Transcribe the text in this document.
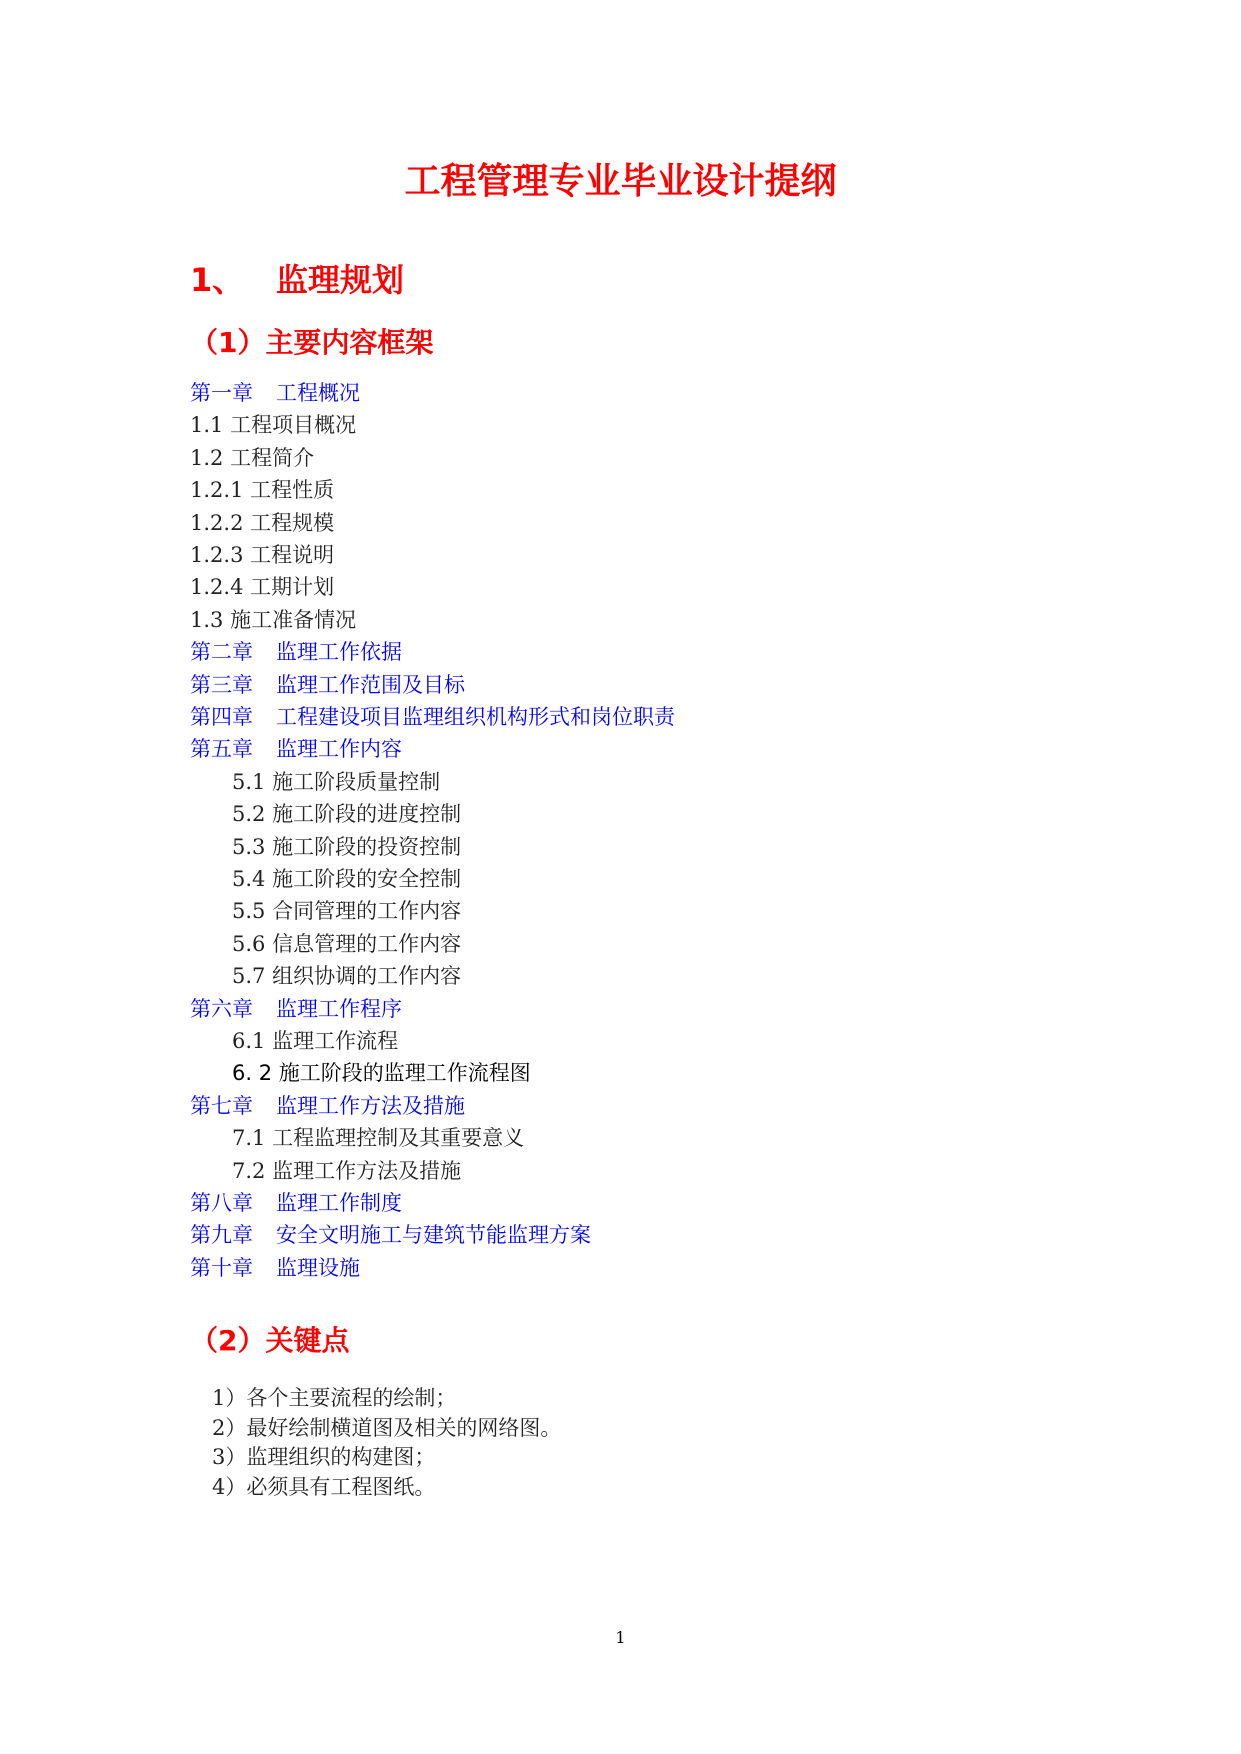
工程管理专业毕业设计提纲
1、 监理规划
（1）主要内容框架
第一章 工程概况
1.1 工程项目概况
1.2 工程简介
1.2.1 工程性质
1.2.2 工程规模
1.2.3 工程说明
1.2.4 工期计划
1.3 施工准备情况
第二章 监理工作依据
第三章 监理工作范围及目标
第四章 工程建设项目监理组织机构形式和岗位职责
第五章 监理工作内容
5.1 施工阶段质量控制
5.2 施工阶段的进度控制
5.3 施工阶段的投资控制
5.4 施工阶段的安全控制
5.5 合同管理的工作内容
5.6 信息管理的工作内容
5.7 组织协调的工作内容
第六章 监理工作程序
6.1 监理工作流程
6. 2 施工阶段的监理工作流程图
第七章 监理工作方法及措施
7.1 工程监理控制及其重要意义
7.2 监理工作方法及措施
第八章 监理工作制度
第九章 安全文明施工与建筑节能监理方案
第十章 监理设施
（2）关键点
1）各个主要流程的绘制；
2）最好绘制横道图及相关的网络图。
3）监理组织的构建图；
4）必须具有工程图纸。
1
